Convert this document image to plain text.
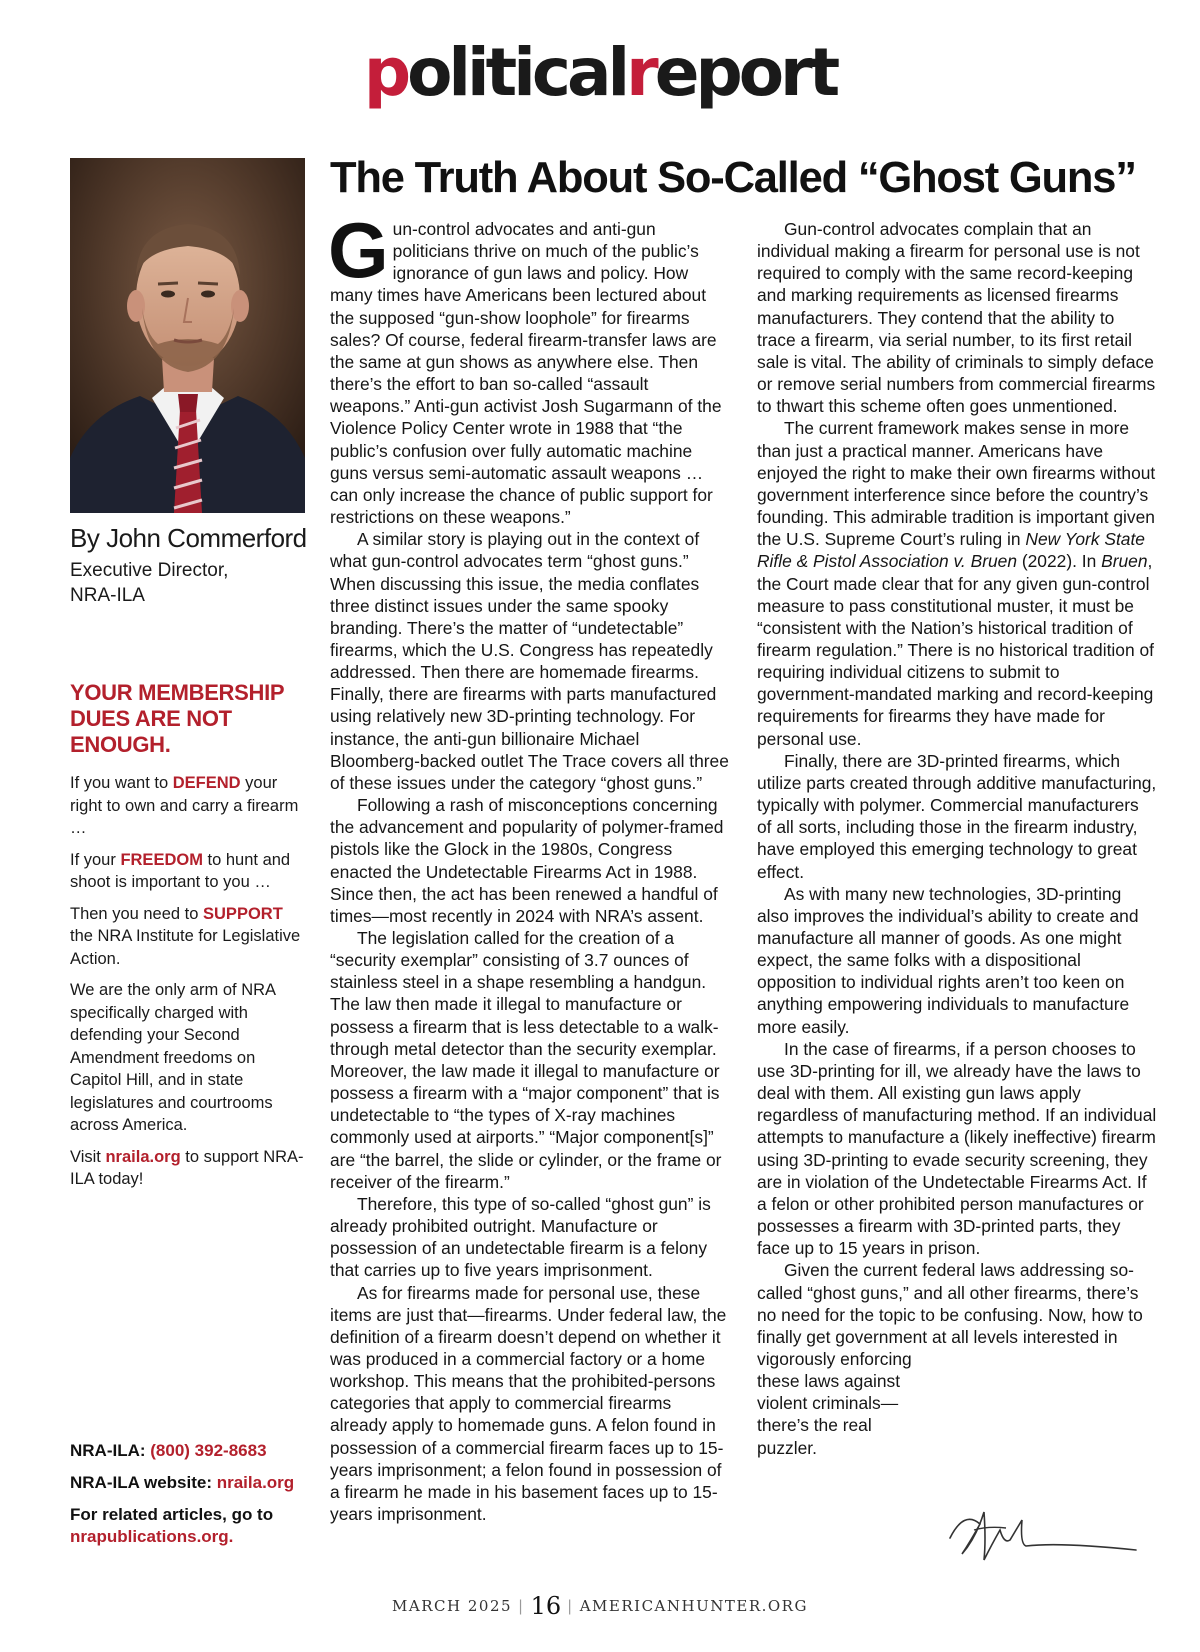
politicalreport
By John Commerford
Executive Director,
NRA-ILA
YOUR MEMBERSHIP DUES ARE NOT ENOUGH.

If you want to DEFEND your right to own and carry a firearm …

If your FREEDOM to hunt and shoot is important to you …

Then you need to SUPPORT the NRA Institute for Legislative Action.

We are the only arm of NRA specifically charged with defending your Second Amendment freedoms on Capitol Hill, and in state legislatures and courtrooms across America.

Visit nraila.org to support NRA-ILA today!

NRA-ILA: (800) 392-8683

NRA-ILA website: nraila.org

For related articles, go to nrapublications.org.

The Truth About So-Called “Ghost Guns”

Gun-control advocates and anti-gun politicians thrive on much of the public’s ignorance of gun laws and policy. How many times have Americans been lectured about the supposed “gun-show loophole” for firearms sales? Of course, federal firearm-transfer laws are the same at gun shows as anywhere else. Then there’s the effort to ban so-called “assault weapons.” Anti-gun activist Josh Sugarmann of the Violence Policy Center wrote in 1988 that “the public’s confusion over fully automatic machine guns versus semi-automatic assault weapons … can only increase the chance of public support for restrictions on these weapons.”

A similar story is playing out in the context of what gun-control advocates term “ghost guns.” When discussing this issue, the media conflates three distinct issues under the same spooky branding. There’s the matter of “undetectable” firearms, which the U.S. Congress has repeatedly addressed. Then there are homemade firearms. Finally, there are firearms with parts manufactured using relatively new 3D-printing technology. For instance, the anti-gun billionaire Michael Bloomberg-backed outlet The Trace covers all three of these issues under the category “ghost guns.”

Following a rash of misconceptions concerning the advancement and popularity of polymer-framed pistols like the Glock in the 1980s, Congress enacted the Undetectable Firearms Act in 1988. Since then, the act has been renewed a handful of times—most recently in 2024 with NRA’s assent.

The legislation called for the creation of a “security exemplar” consisting of 3.7 ounces of stainless steel in a shape resembling a handgun. The law then made it illegal to manufacture or possess a firearm that is less detectable to a walk-through metal detector than the security exemplar. Moreover, the law made it illegal to manufacture or possess a firearm with a “major component” that is undetectable to “the types of X-ray machines commonly used at airports.” “Major component[s]” are “the barrel, the slide or cylinder, or the frame or receiver of the firearm.”

Therefore, this type of so-called “ghost gun” is already prohibited outright. Manufacture or possession of an undetectable firearm is a felony that carries up to five years imprisonment.

As for firearms made for personal use, these items are just that—firearms. Under federal law, the definition of a firearm doesn’t depend on whether it was produced in a commercial factory or a home workshop. This means that the prohibited-persons categories that apply to commercial firearms already apply to homemade guns. A felon found in possession of a commercial firearm faces up to 15-years imprisonment; a felon found in possession of a firearm he made in his basement faces up to 15-years imprisonment.

Gun-control advocates complain that an individual making a firearm for personal use is not required to comply with the same record-keeping and marking requirements as licensed firearms manufacturers. They contend that the ability to trace a firearm, via serial number, to its first retail sale is vital. The ability of criminals to simply deface or remove serial numbers from commercial firearms to thwart this scheme often goes unmentioned.

The current framework makes sense in more than just a practical manner. Americans have enjoyed the right to make their own firearms without government interference since before the country’s founding. This admirable tradition is important given the U.S. Supreme Court’s ruling in New York State Rifle & Pistol Association v. Bruen (2022). In Bruen, the Court made clear that for any given gun-control measure to pass constitutional muster, it must be “consistent with the Nation’s historical tradition of firearm regulation.” There is no historical tradition of requiring individual citizens to submit to government-mandated marking and record-keeping requirements for firearms they have made for personal use.

Finally, there are 3D-printed firearms, which utilize parts created through additive manufacturing, typically with polymer. Commercial manufacturers of all sorts, including those in the firearm industry, have employed this emerging technology to great effect.

As with many new technologies, 3D-printing also improves the individual’s ability to create and manufacture all manner of goods. As one might expect, the same folks with a dispositional opposition to individual rights aren’t too keen on anything empowering individuals to manufacture more easily.

In the case of firearms, if a person chooses to use 3D-printing for ill, we already have the laws to deal with them. All existing gun laws apply regardless of manufacturing method. If an individual attempts to manufacture a (likely ineffective) firearm using 3D-printing to evade security screening, they are in violation of the Undetectable Firearms Act. If a felon or other prohibited person manufactures or possesses a firearm with 3D-printed parts, they face up to 15 years in prison.

Given the current federal laws addressing so-called “ghost guns,” and all other firearms, there’s no need for the topic to be confusing. Now, how to finally get government at all levels interested in vigorously enforcing

these laws against violent criminals—there’s the real puzzler.

MARCH 2025 | 16 | AMERICANHUNTER.ORG
